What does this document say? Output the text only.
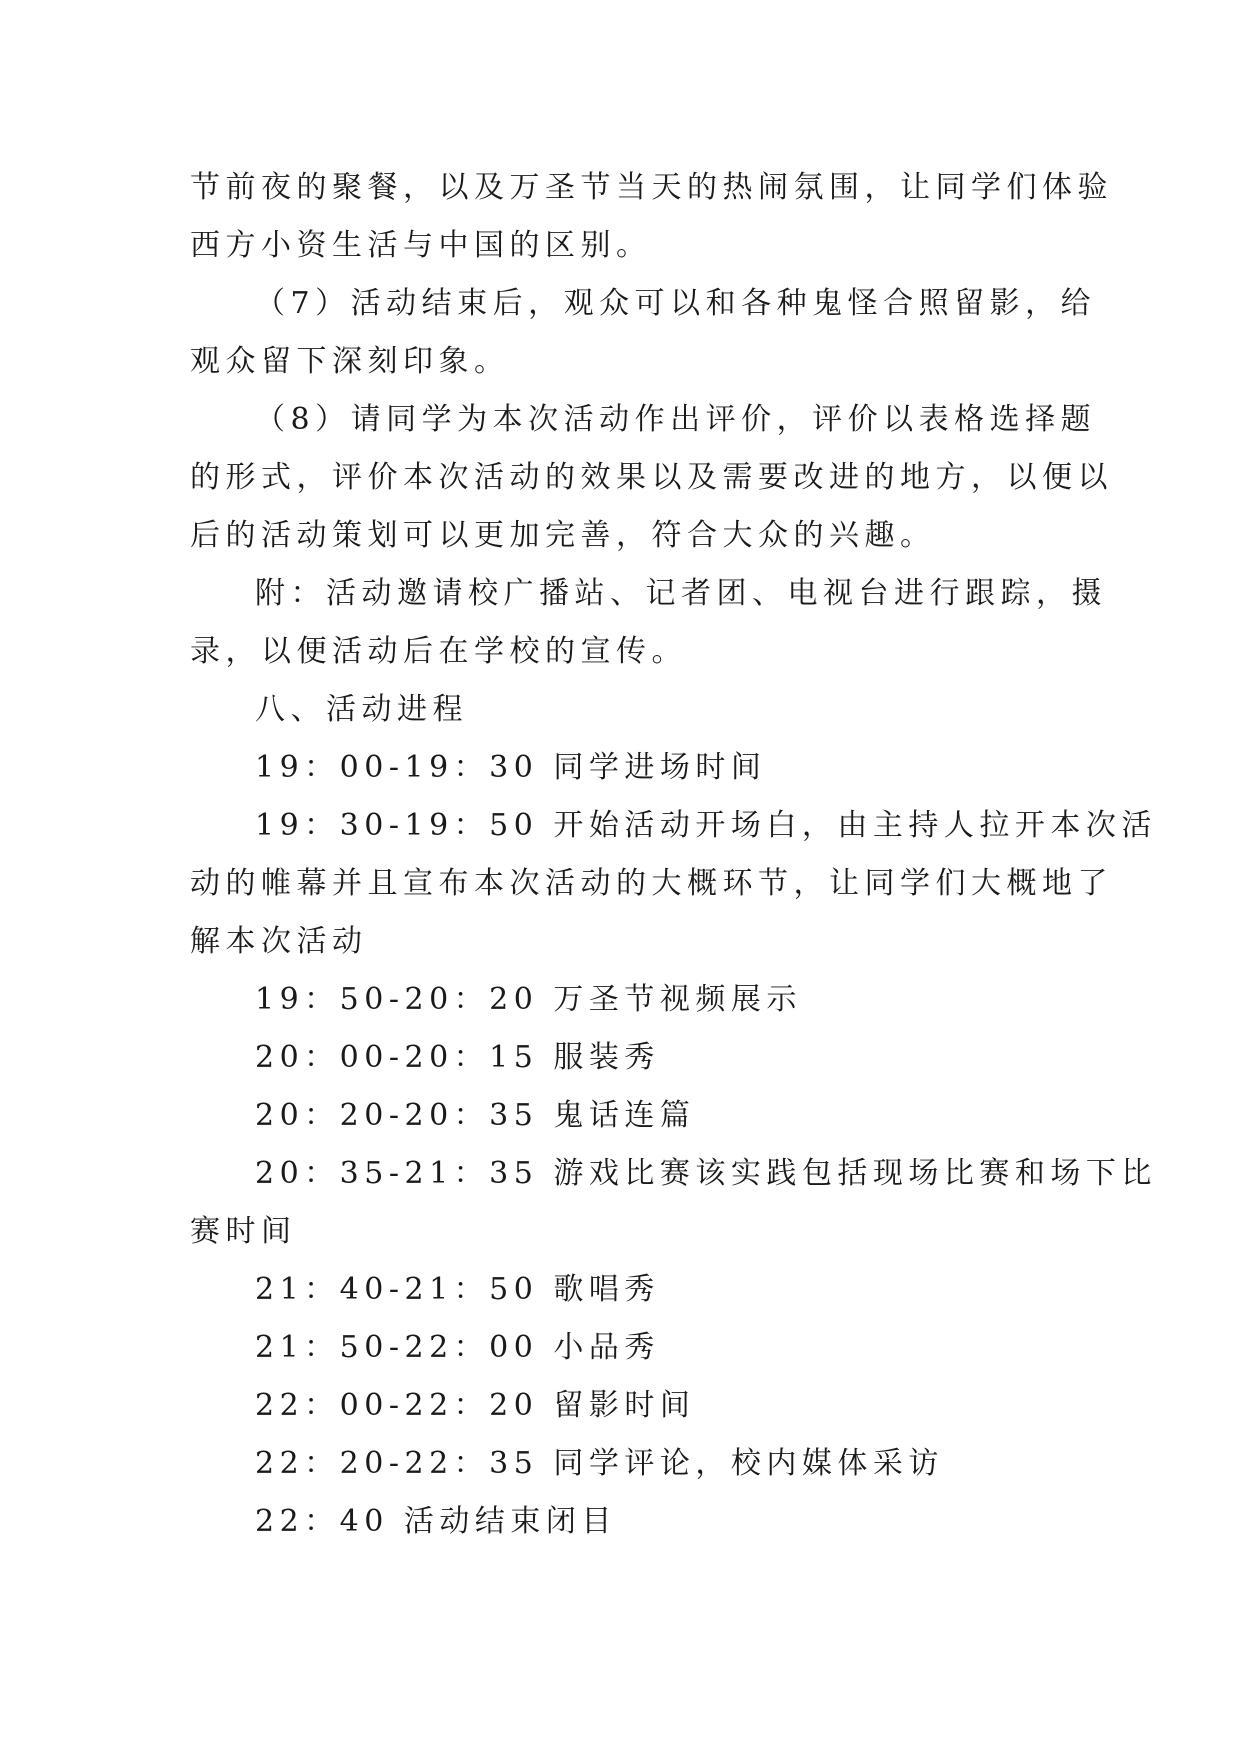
节前夜的聚餐，以及万圣节当天的热闹氛围，让同学们体验
西方小资生活与中国的区别。
（7）活动结束后，观众可以和各种鬼怪合照留影，给
观众留下深刻印象。
（8）请同学为本次活动作出评价，评价以表格选择题
的形式，评价本次活动的效果以及需要改进的地方，以便以
后的活动策划可以更加完善，符合大众的兴趣。
附：活动邀请校广播站、记者团、电视台进行跟踪，摄
录，以便活动后在学校的宣传。
八、活动进程
19：00-19：30 同学进场时间
19：30-19：50 开始活动开场白，由主持人拉开本次活
动的帷幕并且宣布本次活动的大概环节，让同学们大概地了
解本次活动
19：50-20：20 万圣节视频展示
20：00-20：15 服装秀
20：20-20：35 鬼话连篇
20：35-21：35 游戏比赛该实践包括现场比赛和场下比
赛时间
21：40-21：50 歌唱秀
21：50-22：00 小品秀
22：00-22：20 留影时间
22：20-22：35 同学评论，校内媒体采访
22：40 活动结束闭目
